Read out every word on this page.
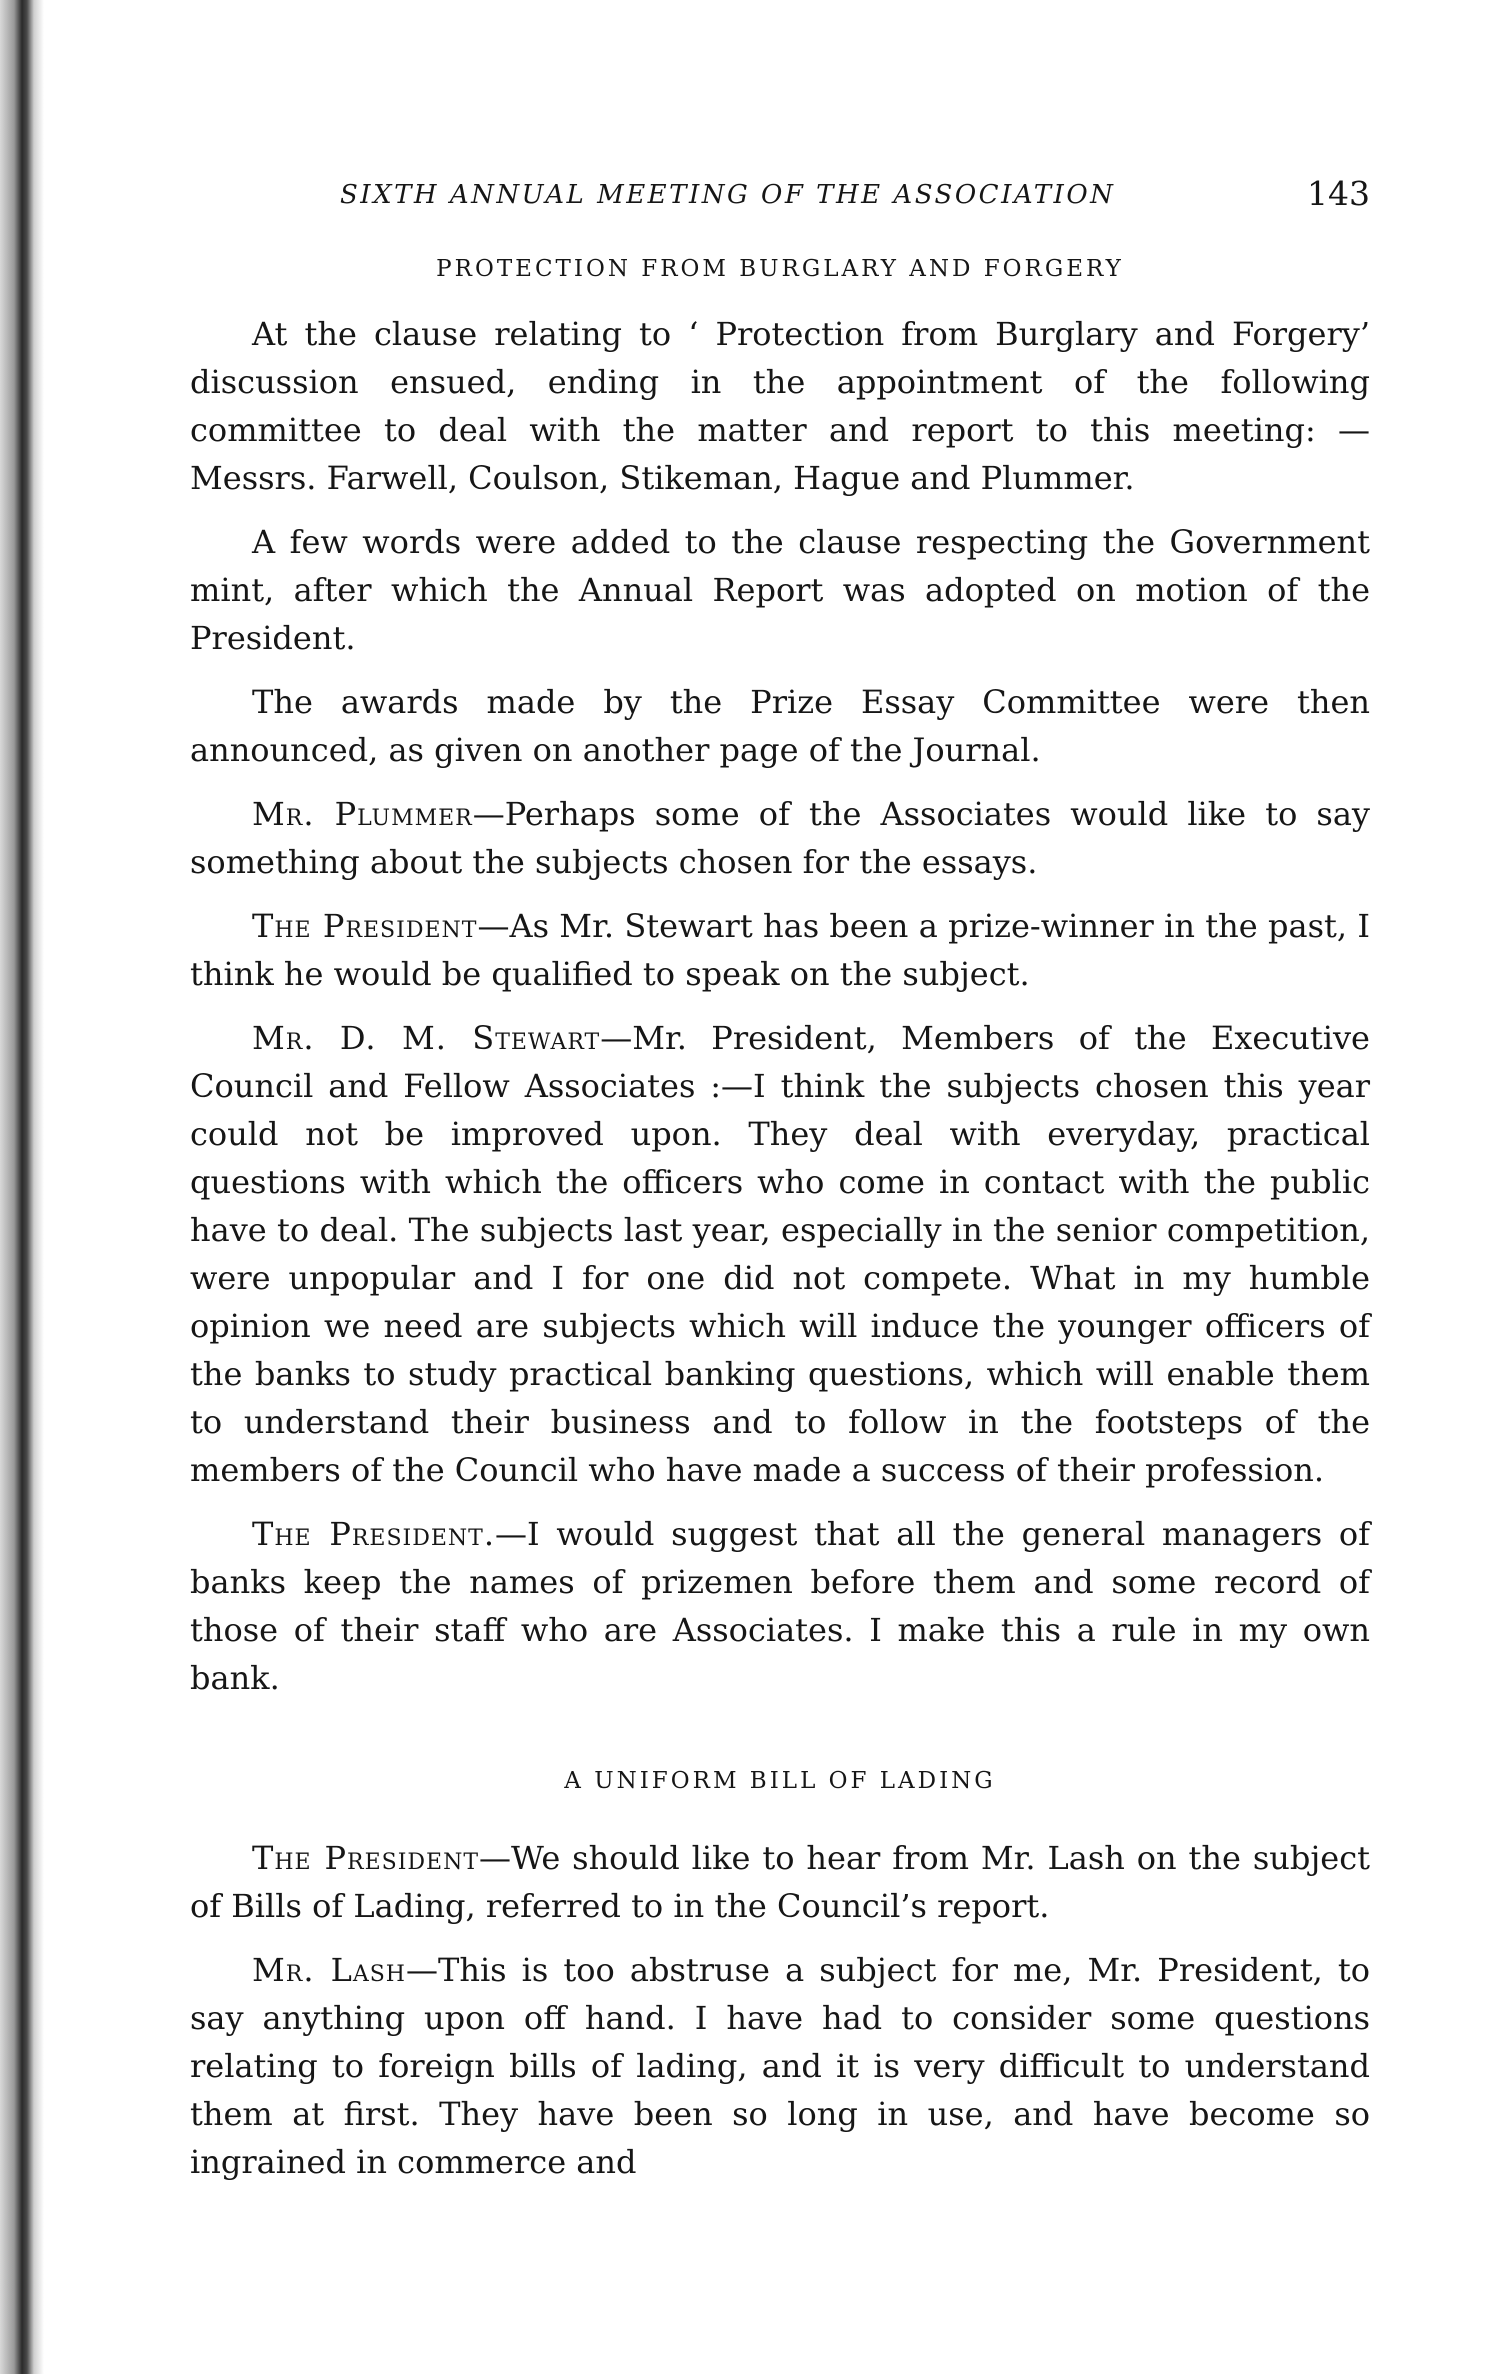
SIXTH ANNUAL MEETING OF THE ASSOCIATION	143
PROTECTION FROM BURGLARY AND FORGERY

At the clause relating to ‘ Protection from Burglary and Forgery’ discussion ensued, ending in the appointment of the following committee to deal with the matter and report to this meeting: — Messrs. Farwell, Coulson, Stikeman, Hague and Plummer.

A few words were added to the clause respecting the Government mint, after which the Annual Report was adopted on motion of the President.

The awards made by the Prize Essay Committee were then announced, as given on another page of the Journal.

Mr. Plummer—Perhaps some of the Associates would like to say something about the subjects chosen for the essays.

The President—As Mr. Stewart has been a prize-winner in the past, I think he would be qualified to speak on the subject.

Mr. D. M. Stewart—Mr. President, Members of the Executive Council and Fellow Associates :—I think the subjects chosen this year could not be improved upon. They deal with everyday, practical questions with which the officers who come in contact with the public have to deal. The subjects last year, especially in the senior competition, were unpopular and I for one did not compete. What in my humble opinion we need are subjects which will induce the younger officers of the banks to study practical banking questions, which will enable them to understand their business and to follow in the footsteps of the members of the Council who have made a success of their profession.

The President.—I would suggest that all the general managers of banks keep the names of prizemen before them and some record of those of their staff who are Associates. I make this a rule in my own bank.

A UNIFORM BILL OF LADING

The President—We should like to hear from Mr. Lash on the subject of Bills of Lading, referred to in the Council’s report.

Mr. Lash—This is too abstruse a subject for me, Mr. President, to say anything upon off hand. I have had to consider some questions relating to foreign bills of lading, and it is very difficult to understand them at first. They have been so long in use, and have become so ingrained in commerce and
